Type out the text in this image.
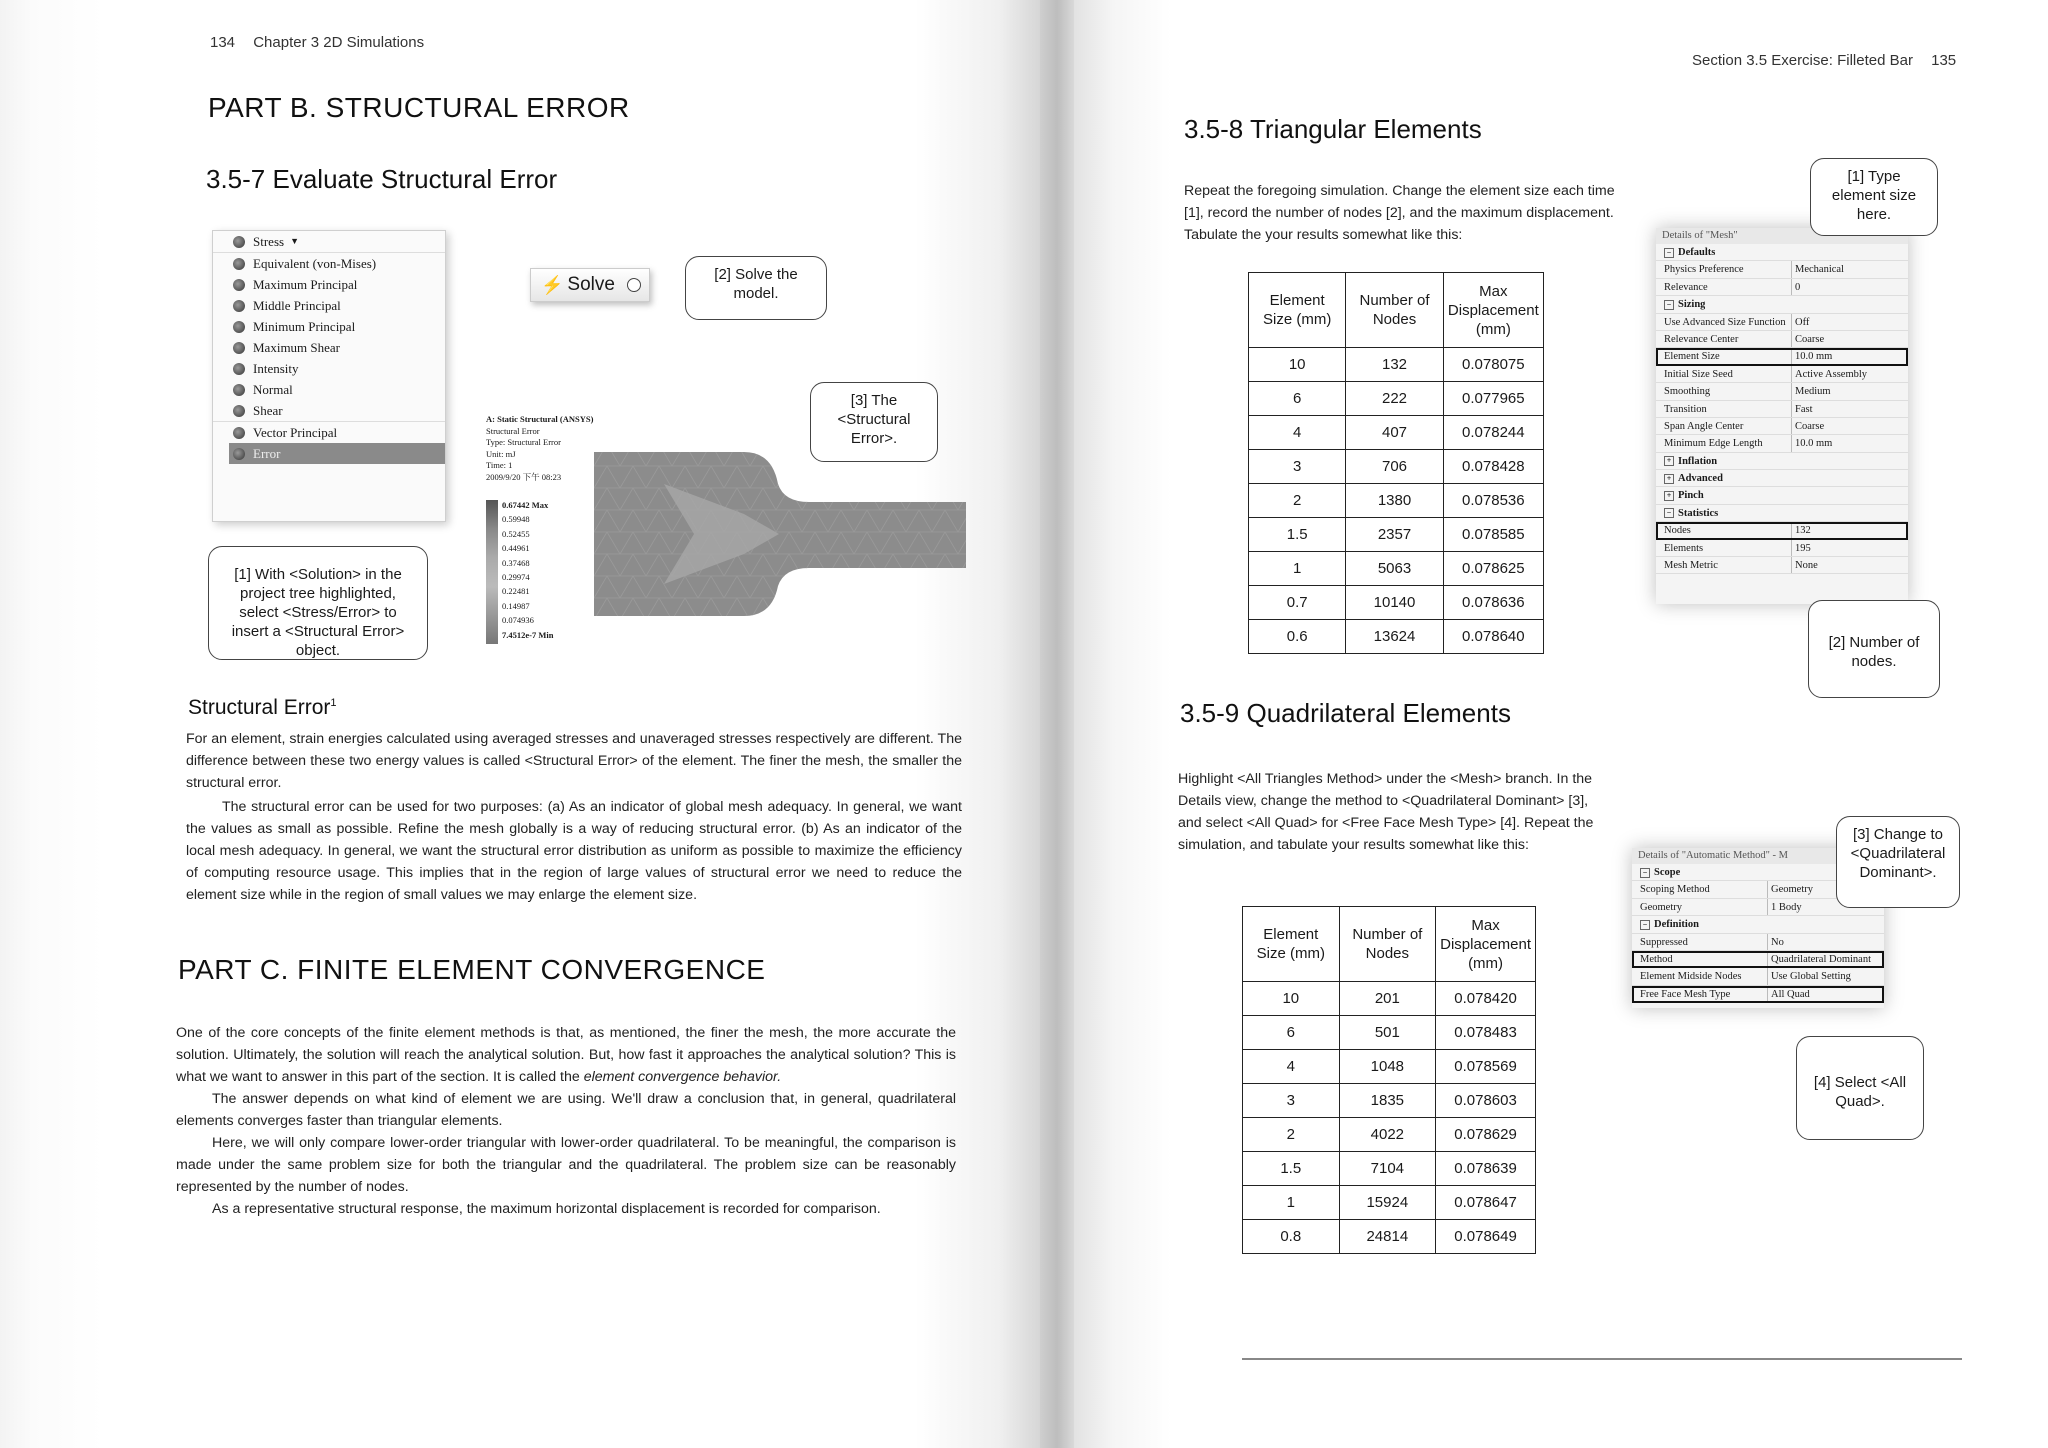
134 Chapter 3 2D Simulations
PART B. STRUCTURAL ERROR
3.5-7 Evaluate Structural Error
Stress ▼
Equivalent (von-Mises)
Maximum Principal
Middle Principal
Minimum Principal
Maximum Shear
Intensity
Normal
Shear
Vector Principal
Error
⚡ Solve	[2] Solve the model.
A: Static Structural (ANSYS)
Structural Error
Type: Structural Error
Unit: mJ
Time: 1
2009/9/20 下午 08:23
0.67442 Max
0.59948
0.52455
0.44961
0.37468
0.29974
0.22481
0.14987
0.074936
7.4512e-7 Min
[3] The <Structural Error>.
[1] With <Solution> in the project tree highlighted, select <Stress/Error> to insert a <Structural Error> object.
Structural Error$^1$

For an element, strain energies calculated using averaged stresses and unaveraged stresses respectively are different. The difference between these two energy values is called <Structural Error> of the element. The finer the mesh, the smaller the structural error.

The structural error can be used for two purposes: (a) As an indicator of global mesh adequacy. In general, we want the values as small as possible. Refine the mesh globally is a way of reducing structural error. (b) As an indicator of the local mesh adequacy. In general, we want the structural error distribution as uniform as possible to maximize the efficiency of computing resource usage. This implies that in the region of large values of structural error we need to reduce the element size while in the region of small values we may enlarge the element size.

PART C. FINITE ELEMENT CONVERGENCE

One of the core concepts of the finite element methods is that, as mentioned, the finer the mesh, the more accurate the solution. Ultimately, the solution will reach the analytical solution. But, how fast it approaches the analytical solution? This is what we want to answer in this part of the section. It is called the element convergence behavior.

The answer depends on what kind of element we are using. We'll draw a conclusion that, in general, quadrilateral elements converges faster than triangular elements.

Here, we will only compare lower-order triangular with lower-order quadrilateral. To be meaningful, the comparison is made under the same problem size for both the triangular and the quadrilateral. The problem size can be reasonably represented by the number of nodes.

As a representative structural response, the maximum horizontal displacement is recorded for comparison.

Section 3.5 Exercise: Filleted Bar 135
3.5-8 Triangular Elements
Repeat the foregoing simulation. Change the element size each time [1], record the number of nodes [2], and the maximum displacement. Tabulate the your results somewhat like this:
Element Size (mm)	Number of Nodes	Max Displacement (mm)
10	132	0.078075
6	222	0.077965
4	407	0.078244
3	706	0.078428
2	1380	0.078536
1.5	2357	0.078585
1	5063	0.078625
0.7	10140	0.078636
0.6	13624	0.078640
3.5-9 Quadrilateral Elements
Highlight <All Triangles Method> under the <Mesh> branch. In the Details view, change the method to <Quadrilateral Dominant> [3], and select <All Quad> for <Free Face Mesh Type> [4]. Repeat the simulation, and tabulate your results somewhat like this:
Element Size (mm)	Number of Nodes	Max Displacement (mm)
10	201	0.078420
6	501	0.078483
4	1048	0.078569
3	1835	0.078603
2	4022	0.078629
1.5	7104	0.078639
1	15924	0.078647
0.8	24814	0.078649
Details of "Mesh"
− Defaults
Physics Preference	Mechanical
Relevance	0
− Sizing
Use Advanced Size Function Off
Relevance Center	Coarse
Element Size	10.0 mm
Initial Size Seed	Active Assembly
Smoothing	Medium
Transition	Fast
Span Angle Center	Coarse
Minimum Edge Length	10.0 mm
+ Inflation
+ Advanced
+ Pinch
− Statistics
Nodes	132
Elements	195
Mesh Metric	None
[1] Type element size here.
[2] Number of nodes.
Details of "Automatic Method" - M
− Scope
Scoping Method	Geometry
Geometry	1 Body
− Definition
Suppressed	No
Method	Quadrilateral Dominant
Element Midside Nodes	Use Global Setting
Free Face Mesh Type	All Quad
[3] Change to <Quadrilateral Dominant>.
[4] Select <All Quad>.
